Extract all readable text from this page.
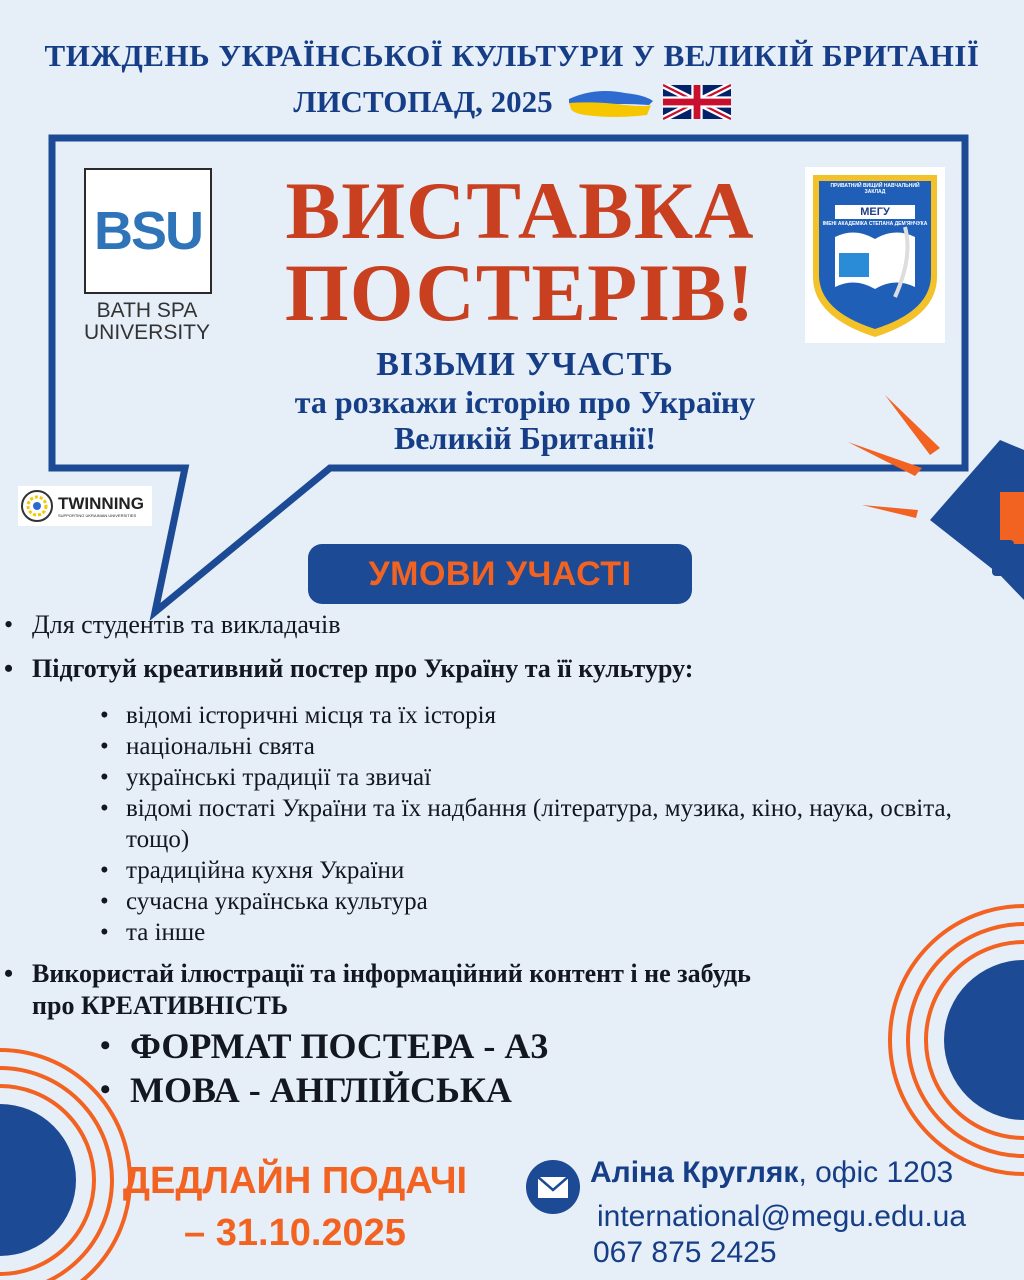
ТИЖДЕНЬ УКРАЇНСЬКОЇ КУЛЬТУРИ У ВЕЛИКІЙ БРИТАНІЇ
ЛИСТОПАД, 2025
BSU
BATH SPA
UNIVERSITY
ПРИВАТНИЙ ВИЩИЙ НАВЧАЛЬНИЙ ЗАКЛАД
МЕГУ
ІМЕНІ АКАДЕМІКА СТЕПАНА ДЕМ'ЯНЧУКА
ВИСТАВКА
ПОСТЕРІВ!
ВІЗЬМИ УЧАСТЬ
та розкажи історію про Україну
Великій Британії!
TWINNING
SUPPORTING UKRAINIAN UNIVERSITIES
УМОВИ УЧАСТІ
• Для студентів та викладачів
• Підготуй креативний постер про Україну та її культуру:
• відомі історичні місця та їх історія
• національні свята
• українські традиції та звичаї
• відомі постаті України та їх надбання (література, музика, кіно, наука, освіта, тощо)
• традиційна кухня України
• сучасна українська культура
• та інше
• Використай ілюстрації та інформаційний контент і не забудь
про КРЕАТИВНІСТЬ
• ФОРМАТ ПОСТЕРА - А3
• МОВА - АНГЛІЙСЬКА
ДЕДЛАЙН ПОДАЧІ
– 31.10.2025
Аліна Кругляк, офіс 1203
international@megu.edu.ua
067 875 2425
